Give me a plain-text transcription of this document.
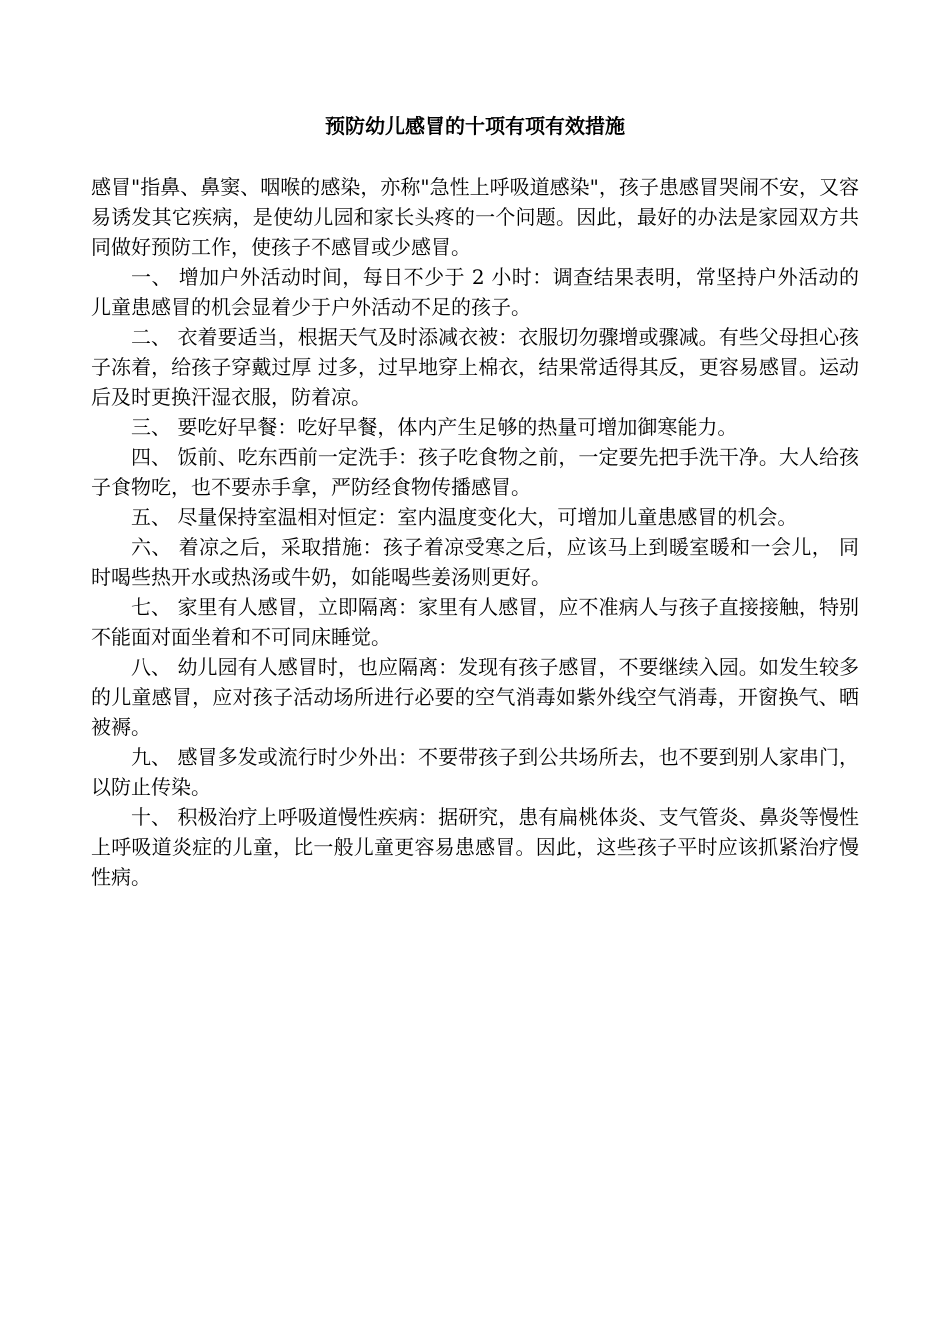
预防幼儿感冒的十项有项有效措施

感冒"指鼻、鼻窦、咽喉的感染，亦称"急性上呼吸道感染"，孩子患感冒哭闹不安，又容易诱发其它疾病，是使幼儿园和家长头疼的一个问题。因此，最好的办法是家园双方共同做好预防工作，使孩子不感冒或少感冒。

一、 增加户外活动时间，每日不少于 2 小时：调查结果表明，常坚持户外活动的儿童患感冒的机会显着少于户外活动不足的孩子。

二、 衣着要适当，根据天气及时添减衣被：衣服切勿骤增或骤减。有些父母担心孩子冻着，给孩子穿戴过厚 过多，过早地穿上棉衣，结果常适得其反，更容易感冒。运动后及时更换汗湿衣服，防着凉。

三、 要吃好早餐：吃好早餐，体内产生足够的热量可增加御寒能力。

四、 饭前、吃东西前一定洗手：孩子吃食物之前，一定要先把手洗干净。大人给孩子食物吃，也不要赤手拿，严防经食物传播感冒。

五、 尽量保持室温相对恒定：室内温度变化大，可增加儿童患感冒的机会。

六、 着凉之后，采取措施：孩子着凉受寒之后，应该马上到暖室暖和一会儿， 同时喝些热开水或热汤或牛奶，如能喝些姜汤则更好。

七、 家里有人感冒，立即隔离：家里有人感冒，应不准病人与孩子直接接触，特别不能面对面坐着和不可同床睡觉。

八、 幼儿园有人感冒时，也应隔离：发现有孩子感冒，不要继续入园。如发生较多的儿童感冒，应对孩子活动场所进行必要的空气消毒如紫外线空气消毒，开窗换气、晒被褥。

九、 感冒多发或流行时少外出：不要带孩子到公共场所去，也不要到别人家串门，以防止传染。

十、 积极治疗上呼吸道慢性疾病：据研究，患有扁桃体炎、支气管炎、鼻炎等慢性上呼吸道炎症的儿童，比一般儿童更容易患感冒。因此，这些孩子平时应该抓紧治疗慢性病。
